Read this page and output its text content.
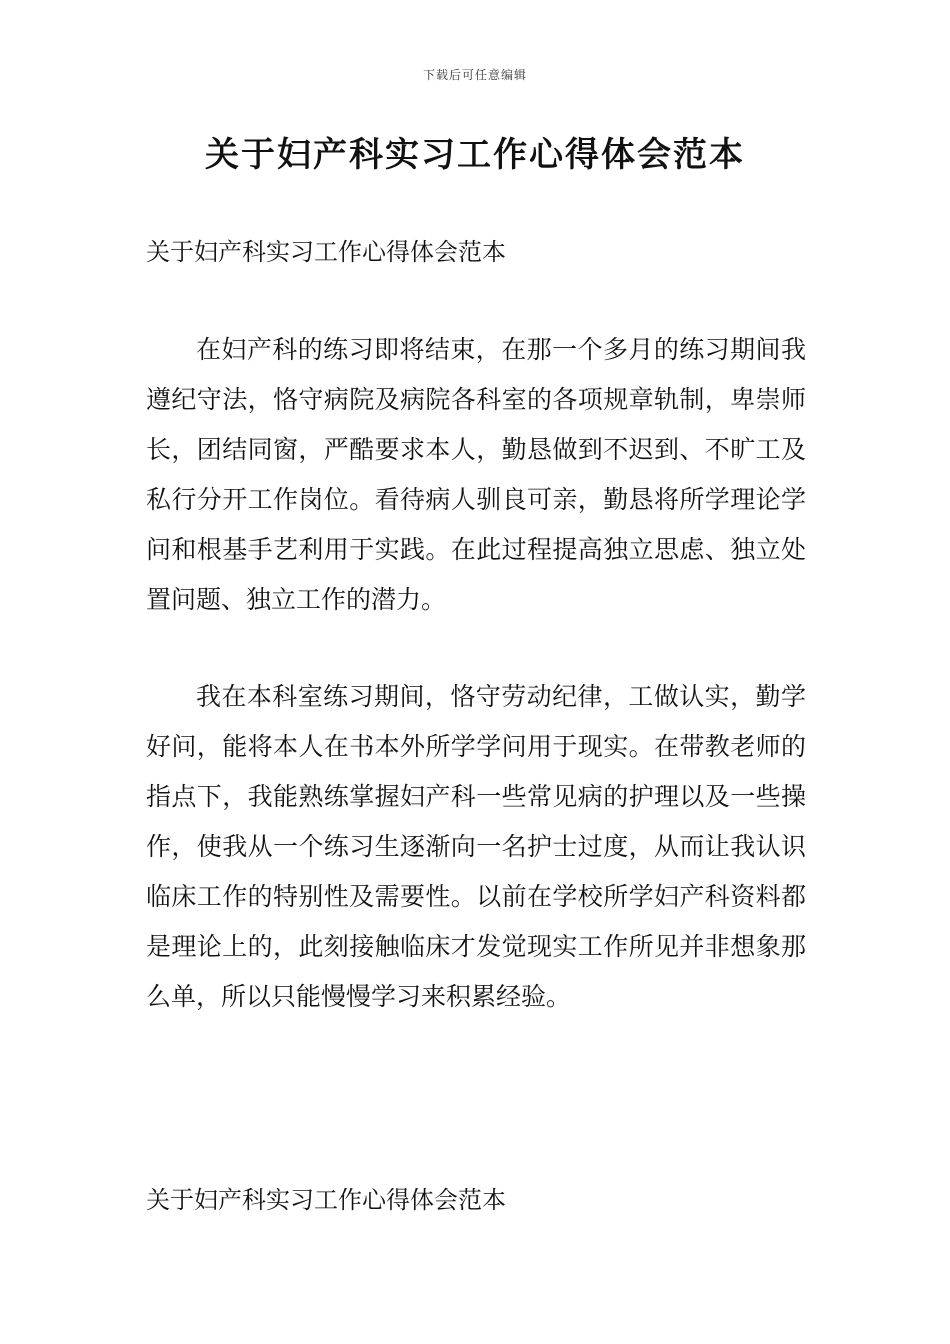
下载后可任意编辑
关于妇产科实习工作心得体会范本

关于妇产科实习工作心得体会范本

在妇产科的练习即将结束，在那一个多月的练习期间我遵纪守法，恪守病院及病院各科室的各项规章轨制，卑崇师长，团结同窗，严酷要求本人，勤恳做到不迟到、不旷工及私行分开工作岗位。看待病人驯良可亲，勤恳将所学理论学问和根基手艺利用于实践。在此过程提高独立思虑、独立处置问题、独立工作的潜力。

我在本科室练习期间，恪守劳动纪律，工做认实，勤学好问，能将本人在书本外所学学问用于现实。在带教老师的指点下，我能熟练掌握妇产科一些常见病的护理以及一些操作，使我从一个练习生逐渐向一名护士过度，从而让我认识临床工作的特别性及需要性。以前在学校所学妇产科资料都是理论上的，此刻接触临床才发觉现实工作所见并非想象那么单，所以只能慢慢学习来积累经验。

关于妇产科实习工作心得体会范本
